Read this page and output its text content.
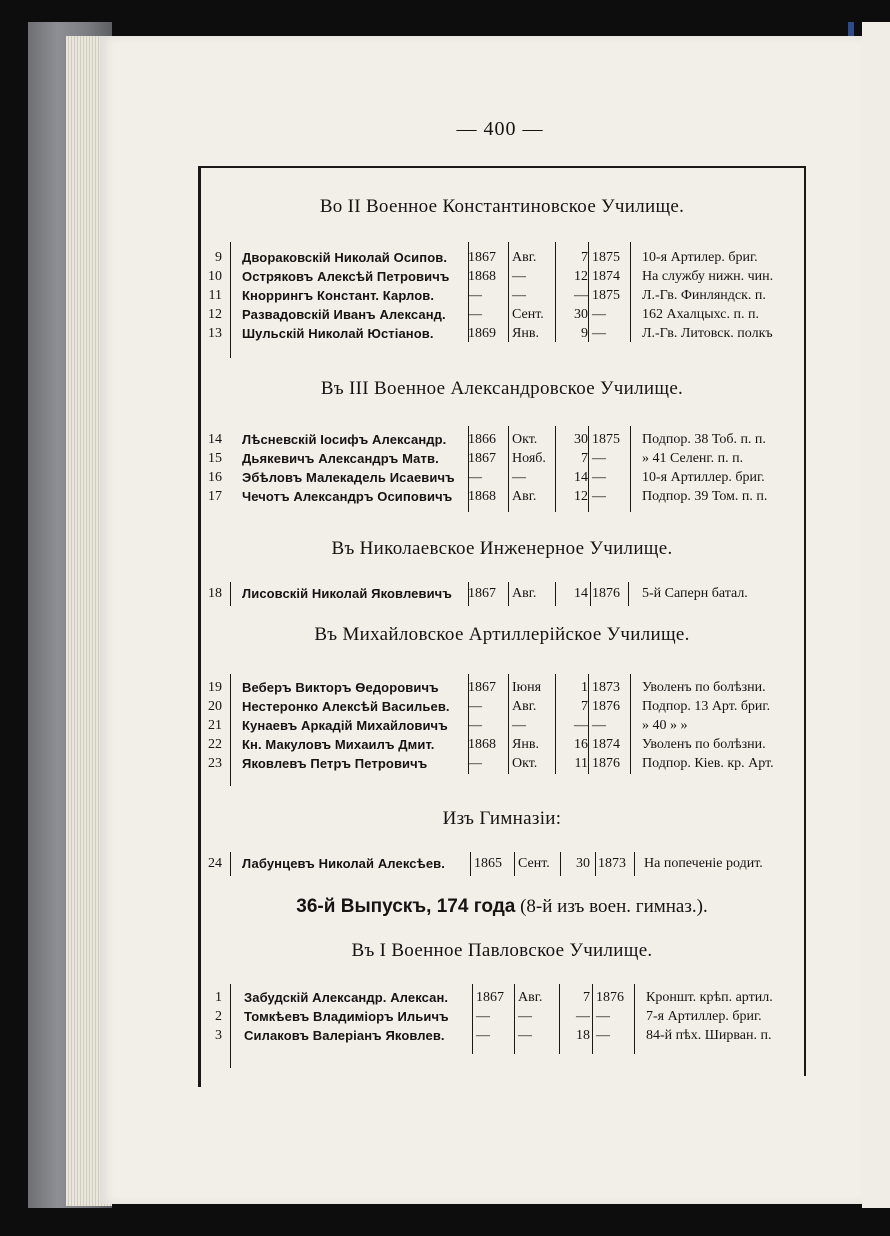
— 400 —
Во II Военное Константиновское Училище.
9 Двораковскій Николай Осипов. 1867	Авг.	7 1875	10-я Артилер. бриг.
10 Остряковъ Алексѣй Петровичъ 1868	—	12 1874	На службу нижн. чин.
11 Кноррингъ Констант. Карлов. —	—	— 1875	Л.-Гв. Финляндск. п.
12 Развадовскій Иванъ Александ. —	Сент.	30 —	162 Ахалцыхс. п. п.
13 Шульскій Николай Юстіанов. 1869	Янв.	9 —	Л.-Гв. Литовск. полкъ
Въ III Военное Александровское Училище.
14 Лѣсневскій Іосифъ Александр. 1866	Окт.	30 1875	Подпор. 38 Тоб. п. п.
15 Дьякевичъ Александръ Матв. 1867	Нояб.	7 —	» 41 Селенг. п. п.
16 Эбѣловъ Малекадель Исаевичъ —	—	14 —	10-я Артиллер. бриг.
17 Чечотъ Александръ Осиповичъ 1868	Авг.	12 —	Подпор. 39 Том. п. п.
Въ Николаевское Инженерное Училище.
18 Лисовскій Николай Яковлевичъ 1867	Авг.	14 1876	5-й Саперн батал.
Въ Михайловское Артиллерійское Училище.
19 Веберъ Викторъ Ѳедоровичъ 1867	Іюня	1 1873	Уволенъ по болѣзни.
20 Нестеронко Алексѣй Васильев. —	Авг.	7 1876	Подпор. 13 Арт. бриг.
21 Кунаевъ Аркадій Михайловичъ —	—	— —	» 40 » »
22 Кн. Макуловъ Михаилъ Дмит. 1868	Янв.	16 1874	Уволенъ по болѣзни.
23 Яковлевъ Петръ Петровичъ	—	Окт.	11 1876	Подпор. Кіев. кр. Арт.
Изъ Гимназіи:
24 Лабунцевъ Николай Алексѣев. 1865	Сент.	30 1873	На попеченіе родит.
36-й Выпускъ, 174 года (8-й изъ воен. гимназ.).
Въ I Военное Павловское Училище.
1 Забудскій Александр. Алексан. 1867	Авг.	7 1876	Кроншт. крѣп. артил.
2 Томкѣевъ Владиміоръ Ильичъ —	—	— —	7-я Артиллер. бриг.
3 Силаковъ Валеріанъ Яковлев. —	—	18 —	84-й пѣх. Ширван. п.
